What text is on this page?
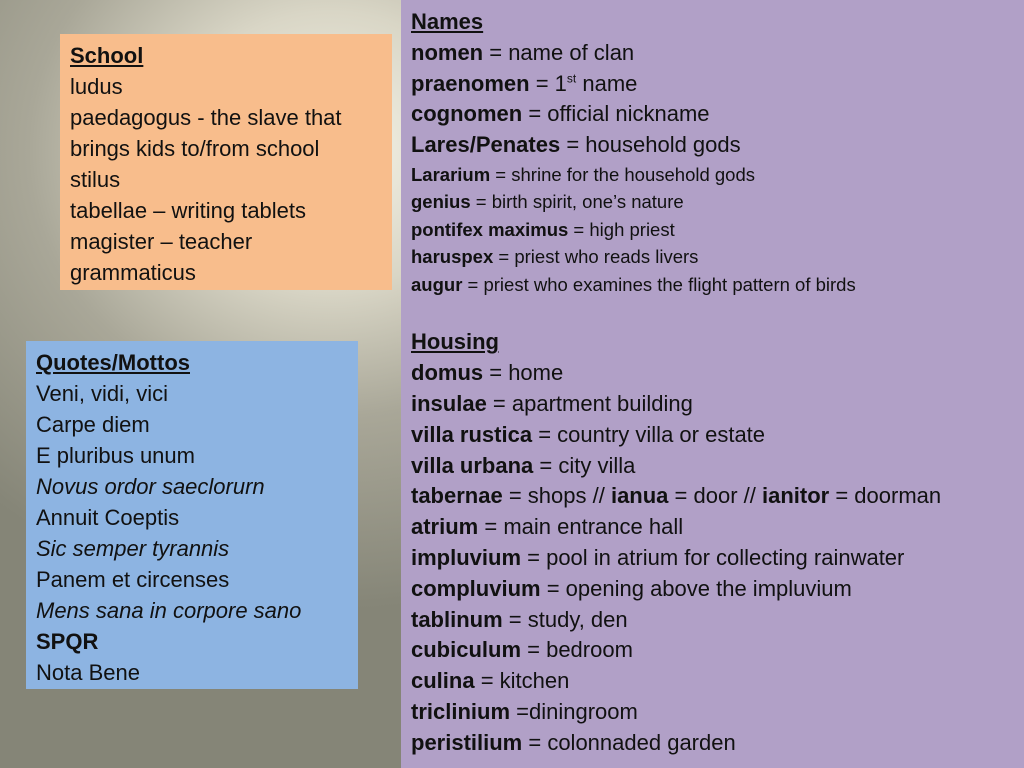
School
ludus
paedagogus - the slave that
brings kids to/from school
stilus
tabellae – writing tablets
magister – teacher
grammaticus
Quotes/Mottos
Veni, vidi, vici
Carpe diem
E pluribus unum
Novus ordor saeclorurn
Annuit Coeptis
Sic semper tyrannis
Panem et circenses
Mens sana in corpore sano
SPQR
Nota Bene
Names
nomen = name of clan
praenomen = 1st name
cognomen = official nickname
Lares/Penates = household gods
Lararium = shrine for the household gods
genius = birth spirit, one’s nature
pontifex maximus = high priest
haruspex = priest who reads livers
augur = priest who examines the flight pattern of birds
Housing
domus = home
insulae = apartment building
villa rustica = country villa or estate
villa urbana = city villa
tabernae = shops // ianua = door // ianitor = doorman
atrium = main entrance hall
impluvium = pool in atrium for collecting rainwater
compluvium = opening above the impluvium
tablinum = study, den
cubiculum = bedroom
culina = kitchen
triclinium =diningroom
peristilium = colonnaded garden
